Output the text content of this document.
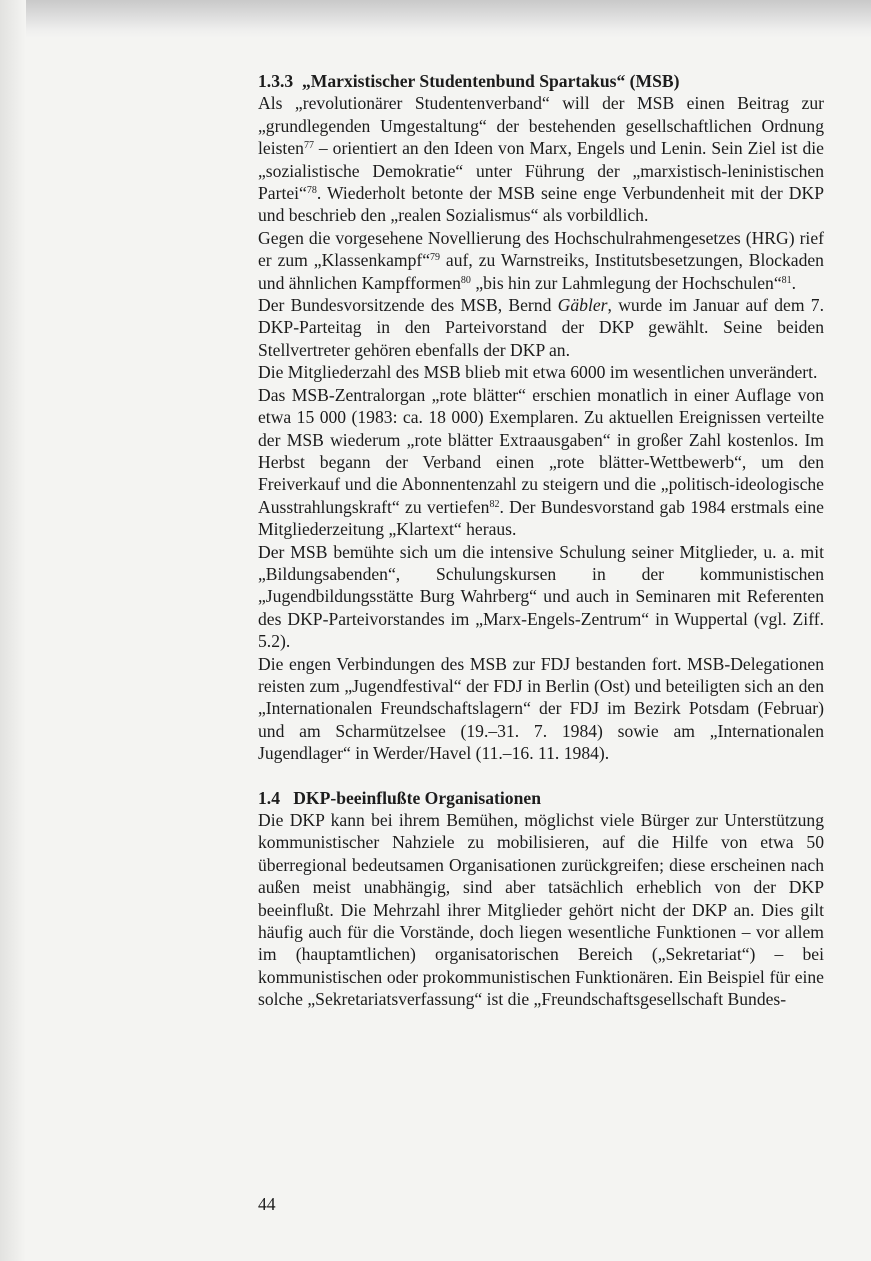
1.3.3 „Marxistischer Studentenbund Spartakus“ (MSB)

Als „revolutionärer Studentenverband“ will der MSB einen Beitrag zur „grundlegenden Umgestaltung“ der bestehenden gesellschaftlichen Ordnung leisten$^{77}$ – orientiert an den Ideen von Marx, Engels und Lenin. Sein Ziel ist die „sozialistische Demokratie“ unter Führung der „marxistisch-leninistischen Partei“$^{78}$. Wiederholt betonte der MSB seine enge Verbundenheit mit der DKP und beschrieb den „realen Sozialismus“ als vorbildlich.

Gegen die vorgesehene Novellierung des Hochschulrahmengesetzes (HRG) rief er zum „Klassenkampf“$^{79}$ auf, zu Warnstreiks, Institutsbesetzungen, Blockaden und ähnlichen Kampfformen$^{80}$ „bis hin zur Lahmlegung der Hochschulen“$^{81}$.

Der Bundesvorsitzende des MSB, Bernd Gäbler, wurde im Januar auf dem 7. DKP-Parteitag in den Parteivorstand der DKP gewählt. Seine beiden Stellvertreter gehören ebenfalls der DKP an.

Die Mitgliederzahl des MSB blieb mit etwa 6000 im wesentlichen unverändert.

Das MSB-Zentralorgan „rote blätter“ erschien monatlich in einer Auflage von etwa 15 000 (1983: ca. 18 000) Exemplaren. Zu aktuellen Ereignissen verteilte der MSB wiederum „rote blätter Extraausgaben“ in großer Zahl kostenlos. Im Herbst begann der Verband einen „rote blätter-Wettbewerb“, um den Freiverkauf und die Abonnentenzahl zu steigern und die „politisch-ideologische Ausstrahlungskraft“ zu vertiefen$^{82}$. Der Bundesvorstand gab 1984 erstmals eine Mitgliederzeitung „Klartext“ heraus.

Der MSB bemühte sich um die intensive Schulung seiner Mitglieder, u. a. mit „Bildungsabenden“, Schulungskursen in der kommunistischen „Jugendbildungsstätte Burg Wahrberg“ und auch in Seminaren mit Referenten des DKP-Parteivorstandes im „Marx-Engels-Zentrum“ in Wuppertal (vgl. Ziff. 5.2).

Die engen Verbindungen des MSB zur FDJ bestanden fort. MSB-Delegationen reisten zum „Jugendfestival“ der FDJ in Berlin (Ost) und beteiligten sich an den „Internationalen Freundschaftslagern“ der FDJ im Bezirk Potsdam (Februar) und am Scharmützelsee (19.–31. 7. 1984) sowie am „Internationalen Jugendlager“ in Werder/Havel (11.–16. 11. 1984).

1.4 DKP-beeinflußte Organisationen

Die DKP kann bei ihrem Bemühen, möglichst viele Bürger zur Unterstützung kommunistischer Nahziele zu mobilisieren, auf die Hilfe von etwa 50 überregional bedeutsamen Organisationen zurückgreifen; diese erscheinen nach außen meist unabhängig, sind aber tatsächlich erheblich von der DKP beeinflußt. Die Mehrzahl ihrer Mitglieder gehört nicht der DKP an. Dies gilt häufig auch für die Vorstände, doch liegen wesentliche Funktionen – vor allem im (hauptamtlichen) organisatorischen Bereich („Sekretariat“) – bei kommunistischen oder prokommunistischen Funktionären. Ein Beispiel für eine solche „Sekretariatsverfassung“ ist die „Freundschaftsgesellschaft Bundes-

44
